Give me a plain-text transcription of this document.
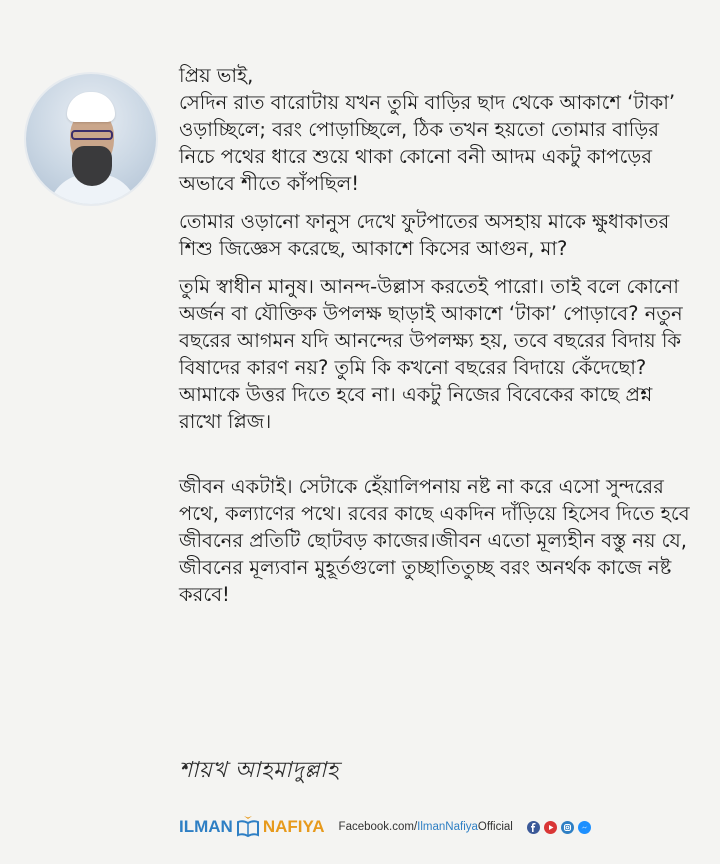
প্রিয় ভাই,

সেদিন রাত বারোটায় যখন তুমি বাড়ির ছাদ থেকে আকাশে ‘টাকা’ ওড়াচ্ছিলে; বরং পোড়াচ্ছিলে, ঠিক তখন হয়তো তোমার বাড়ির নিচে পথের ধারে শুয়ে থাকা কোনো বনী আদম একটু কাপড়ের অভাবে শীতে কাঁপছিল!

তোমার ওড়ানো ফানুস দেখে ফুটপাতের অসহায় মাকে ক্ষুধাকাতর শিশু জিজ্ঞেস করেছে, আকাশে কিসের আগুন, মা?

তুমি স্বাধীন মানুষ। আনন্দ-উল্লাস করতেই পারো। তাই বলে কোনো অর্জন বা যৌক্তিক উপলক্ষ ছাড়াই আকাশে ‘টাকা’ পোড়াবে? নতুন বছরের আগমন যদি আনন্দের উপলক্ষ্য হয়, তবে বছরের বিদায় কি বিষাদের কারণ নয়? তুমি কি কখনো বছরের বিদায়ে কেঁদেছো? আমাকে উত্তর দিতে হবে না। একটু নিজের বিবেকের কাছে প্রশ্ন রাখো প্লিজ।

জীবন একটাই। সেটাকে হেঁয়ালিপনায় নষ্ট না করে এসো সুন্দরের পথে, কল্যাণের পথে। রবের কাছে একদিন দাঁড়িয়ে হিসেব দিতে হবে জীবনের প্রতিটি ছোটবড় কাজের।জীবন এতো মূল্যহীন বস্তু নয় যে, জীবনের মূল্যবান মুহূর্তগুলো তুচ্ছাতিতুচ্ছ বরং অনর্থক কাজে নষ্ট করবে!

শায়খ আহমাদুল্লাহ
ILMAN NAFIYA Facebook.com/IlmanNafiyaOfficial
